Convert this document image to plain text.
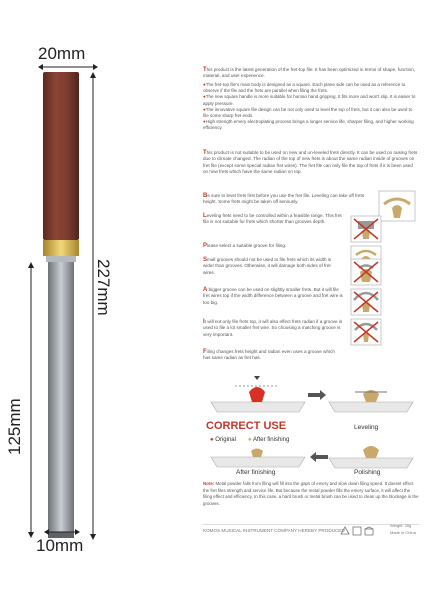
20mm
227mm
125mm
10mm
This product is the latest generation of the fret-top file. It has been optimized in terms of shape, function, material, and user experience.
● The fret-top file's main body is designed as a square. Each plane side can be used as a reference to observe if the file and the frets are parallel when filing the frets.
● The new square handle is more suitable for human hand gripping. It fits more and won't slip. It is easier to apply pressure.
● The innovative square file design can be not only used to level the top of frets, but it can also be used to file some sharp fret ends.
● High strength emery electroplating process brings a longer service life, sharper filing, and higher working efficiency.
This product is not suitable to be used on new and un-leveled frets directly. It can be used on raising frets due to climate changed. The radian of the top of new frets is about the same radian inside of grooves on fret file (except some special radian fret wires). The fret file can only file the top of frets if it is been used on new frets which have the same radian on top.
Be sure to level frets first before you use the fret file. Leveling can take off frets height. Some frets might be taken off seriously.
Leveling frets need to be controlled within a feasible range. This fret file is not suitable for frets which shorter than grooves depth.
Please select a suitable groove for filing.
Small grooves should not be used to file frets which its width is wider than grooves. Otherwise, it will damage both sides of fret wires.
A bigger groove can be used on slightly smaller frets. But it will file fret wires top if the width difference between a groove and fret wire is too big.
It will not only file frets top, it will also effect frets radian if a groove is used to file a lot smaller fret wire. So choosing a matching groove is very important.
Filing changes frets height and radian even uses a groove which has same radian as fret has.
Leveling
CORRECT USE
● Original ● After finishing
After finishing	Polishing
Note: Metal powder falls from filing will fill into the gaps of emery and slow down filing speed. It doesnt effect the fret files strength and service life. But because the metal powder fills the emery surface, it will affect the filing effect and efficiency. In this case, a hard brush or metal brush can be used to clean up the blockage in the grooves.
KOMOS MUSICAL INSTRUMENT COMPANY HEREBY PRODUCED
Weight: 20g
Made in China
